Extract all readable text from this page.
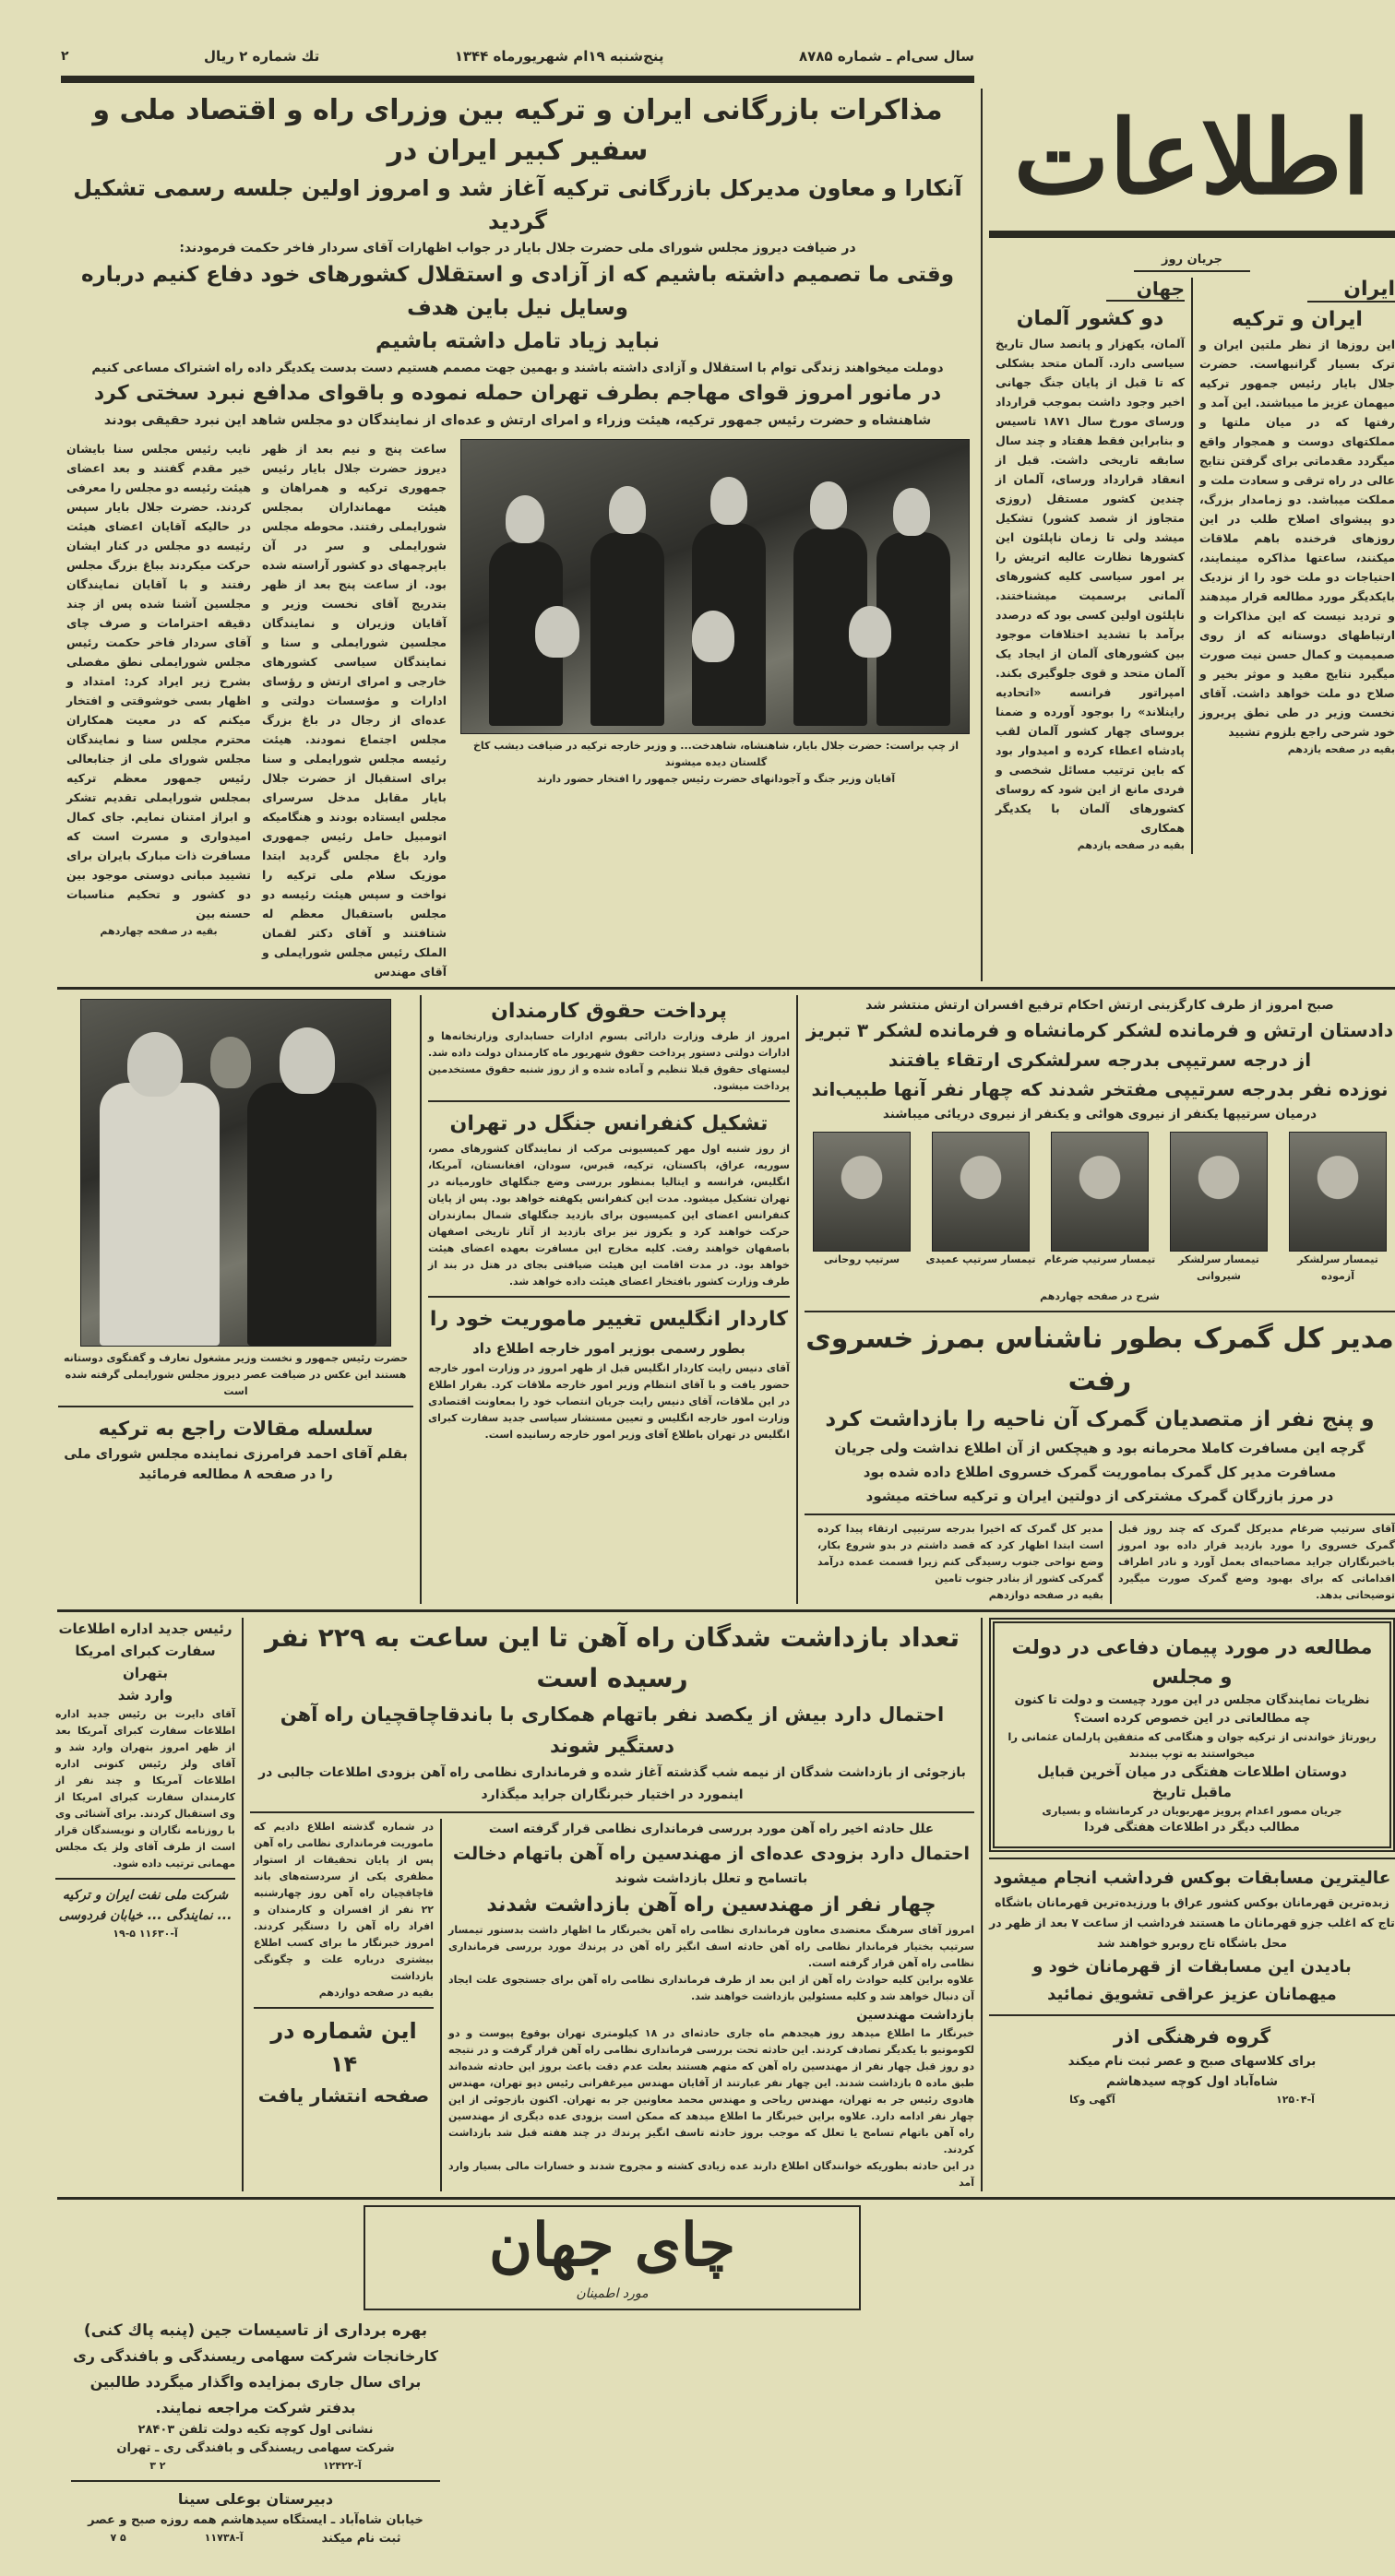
اطلاعات
جریان روز
ایران
ایران و ترکیه
این روزها از نظر ملتین ایران و ترک بسیار گرانبهاست. حضرت جلال بایار رئیس جمهور ترکیه میهمان عزیز ما میباشند. این آمد و رفتها که در میان ملتها و مملکتهای دوست و همجوار واقع میگردد مقدماتی برای گرفتن نتایج عالی در راه ترقی و سعادت ملت و مملکت میباشد. دو زمامدار بزرگ، دو پیشوای اصلاح طلب در این روزهای فرخنده باهم ملاقات میکنند، ساعتها مذاکره مینمایند، احتیاجات دو ملت خود را از نزدیک بایکدیگر مورد مطالعه قرار میدهند و تردید نیست که این مذاکرات و ارتباطهای دوستانه که از روی صمیمیت و کمال حسن نیت صورت میگیرد نتایج مفید و موثر بخیر و صلاح دو ملت خواهد داشت. آقای نخست وزیر در طی نطق پریروز خود شرحی راجع بلزوم تشیید
بقیه در صفحه یازدهم
جهان
دو کشور آلمان
آلمان، یکهزار و پانصد سال تاریخ سیاسی دارد. آلمان متحد بشکلی که تا قبل از پایان جنگ جهانی اخیر وجود داشت بموجب قرارداد ورسای مورخ سال ۱۸۷۱ تاسیس و بنابراین فقط هفتاد و چند سال سابقه تاریخی داشت. قبل از انعقاد قرارداد ورسای، آلمان از چندین کشور مستقل (روزی متجاوز از شصد کشور) تشکیل میشد ولی تا زمان ناپلئون این کشورها نظارت عالیه اتریش را بر امور سیاسی کلیه کشورهای آلمانی برسمیت میشناختند. ناپلئون اولین کسی بود که درصدد برآمد با تشدید اختلافات موجود بین کشورهای آلمان از ایجاد یک آلمان متحد و قوی جلوگیری بکند. امپراتور فرانسه «اتحادیه راینلاند» را بوجود آورده و ضمنا بروسای چهار کشور آلمان لقب پادشاه اعطاء کرده و امیدوار بود که باین ترتیب مسائل شخصی و فردی مانع از این شود که روسای کشورهای آلمان با یکدیگر همکاری
بقیه در صفحه یازدهم
سال سی‌ام ـ شماره ۸۷۸۵
پنج‌شنبه ۱۹ام شهریورماه ۱۳۴۴
تك شماره ۲ ریال
۲
مذاکرات بازرگانی ایران و ترکیه بین وزرای راه و اقتصاد ملی و سفیر کبیر ایران در
آنکارا و معاون مدیرکل بازرگانی ترکیه آغاز شد و امروز اولین جلسه رسمی تشکیل گردید
در ضیافت دیروز مجلس شورای ملی حضرت جلال بایار در جواب اظهارات آقای سردار فاخر حکمت فرمودند:
وقتی ما تصمیم داشته باشیم که از آزادی و استقلال کشورهای خود دفاع کنیم درباره وسایل نیل باین هدف
نباید زیاد تامل داشته باشیم
دوملت میخواهند زندگی توام با استقلال و آزادی داشته باشند و بهمین جهت مصمم هستیم دست بدست یکدیگر داده راه اشتراک مساعی کنیم
در مانور امروز قوای مهاجم بطرف تهران حمله نموده و باقوای مدافع نبرد سختی کرد
شاهنشاه و حضرت رئیس جمهور ترکیه، هیئت وزراء و امرای ارتش و عده‌ای از نمایندگان دو مجلس شاهد این نبرد حقیقی بودند
از چپ براست: حضرت جلال بایار، شاهنشاه، شاهدخت... و وزیر خارجه ترکیه در ضیافت دیشب کاخ گلستان دیده میشوند
آقایان وزیر جنگ و آجودانهای حضرت رئیس جمهور را افتخار حضور دارند
ساعت پنج و نیم بعد از ظهر دیروز حضرت جلال بایار رئیس جمهوری ترکیه و همراهان و هیئت مهمانداران بمجلس شورایملی رفتند. محوطه مجلس شورایملی و سر در آن باپرچمهای دو کشور آراسته شده بود. از ساعت پنج بعد از ظهر بتدریج آقای نخست وزیر و آقایان وزیران و نمایندگان مجلسین شورایملی و سنا و نمایندگان سیاسی کشورهای خارجی و امرای ارتش و رؤسای ادارات و مؤسسات دولتی و عده‌ای از رجال در باغ بزرگ مجلس اجتماع نمودند. هیئت رئیسه مجلس شورایملی و سنا برای استقبال از حضرت جلال بایار مقابل مدخل سرسرای مجلس ایستاده بودند و هنگامیکه اتومبیل حامل رئیس جمهوری وارد باغ مجلس گردید ابتدا موزیک سلام ملی ترکیه را نواخت و سپس هیئت رئیسه دو مجلس باستقبال معظم له شتافتند و آقای دکتر لقمان الملک رئیس مجلس شورایملی و آقای مهندس
نایب رئیس مجلس سنا بایشان خیر مقدم گفتند و بعد اعضای هیئت رئیسه دو مجلس را معرفی کردند. حضرت جلال بایار سپس در حالیکه آقایان اعضای هیئت رئیسه دو مجلس در کنار ایشان حرکت میکردند بباغ بزرگ مجلس رفتند و با آقایان نمایندگان مجلسین آشنا شده پس از چند دقیقه احترامات و صرف چای آقای سردار فاخر حکمت رئیس مجلس شورایملی نطق مفصلی بشرح زیر ایراد کرد: امتداد و اظهار بسی خوشوقتی و افتخار میکنم که در معیت همکاران محترم مجلس سنا و نمایندگان مجلس شورای ملی از جنابعالی رئیس جمهور معظم ترکیه بمجلس شورایملی تقدیم تشکر و ابراز امتنان نمایم. جای کمال امیدواری و مسرت است که مسافرت ذات مبارک بایران برای تشیید مبانی دوستی موجود بین دو کشور و تحکیم مناسبات حسنه بین
بقیه در صفحه چهاردهم
صبح امروز از طرف کارگزینی ارتش احکام ترفیع افسران ارتش منتشر شد
دادستان ارتش و فرمانده لشکر کرمانشاه و فرمانده لشکر ۳ تبریز
از درجه سرتیپی بدرجه سرلشکری ارتقاء یافتند
نوزده نفر بدرجه سرتیپی مفتخر شدند که چهار نفر آنها طبیب‌اند
درمیان سرتیپها یکنفر از نیروی هوائی و یکنفر از نیروی دریائی میباشند
تیمسار سرلشکر آزموده
تیمسار سرلشکر شیروانی
تیمسار سرتیپ ضرغام
تیمسار سرتیپ عمیدی
سرتیپ روحانی
شرح در صفحه چهاردهم
مدیر کل گمرک بطور ناشناس بمرز خسروی رفت
و پنج نفر از متصدیان گمرک آن ناحیه را بازداشت کرد
گرچه این مسافرت کاملا محرمانه بود و هیچکس از آن اطلاع نداشت ولی جریان مسافرت مدیر کل گمرک بماموریت گمرک خسروی اطلاع داده شده بود
در مرز بازرگان گمرک مشترکی از دولتین ایران و ترکیه ساخته میشود
آقای سرتیپ ضرغام مدیرکل گمرک که چند روز قبل گمرک خسروی را مورد بازدید قرار داده بود امروز باخبرنگاران جراید مصاحبه‌ای بعمل آورد و نادر اطراف اقداماتی که برای بهبود وضع گمرک صورت میگیرد توضیحاتی بدهد.
مدیر کل گمرک که اخیرا بدرجه سرتیپی ارتقاء پیدا کرده است ابتدا اظهار کرد که قصد داشتم در بدو شروع بکار، وضع نواحی جنوب رسیدگی کنم زیرا قسمت عمده درآمد گمرکی کشور از بنادر جنوب تامین
بقیه در صفحه دوازدهم
پرداخت حقوق کارمندان
امروز از طرف وزارت دارائی بسوم ادارات حسابداری وزارتخانه‌ها و ادارات دولتی دستور پرداخت حقوق شهریور ماه کارمندان دولت داده شد. لیستهای حقوق قبلا تنظیم و آماده شده و از روز شنبه حقوق مستخدمین پرداخت میشود.
تشکیل کنفرانس جنگل در تهران
از روز شنبه اول مهر کمیسیونی مرکب از نمایندگان کشورهای مصر، سوریه، عراق، پاکستان، ترکیه، قبرس، سودان، افغانستان، آمریکا، انگلیس، فرانسه و ایتالیا بمنظور بررسی وضع جنگلهای خاورمیانه در تهران تشکیل میشود. مدت این کنفرانس یکهفته خواهد بود. پس از پایان کنفرانس اعضای این کمیسیون برای بازدید جنگلهای شمال بمازندران حرکت خواهند کرد و یکروز نیز برای بازدید از آثار تاریخی اصفهان باصفهان خواهند رفت. کلیه مخارج این مسافرت بعهده اعضای هیئت خواهد بود. در مدت اقامت این هیئت ضیافتی بجای در هتل در بند از طرف وزارت کشور بافتخار اعضای هیئت داده خواهد شد.
کاردار انگلیس تغییر ماموریت خود را
بطور رسمی بوزیر امور خارجه اطلاع داد
آقای دنیس رایت کاردار انگلیس قبل از ظهر امروز در وزارت امور خارجه حضور یافت و با آقای انتظام وزیر امور خارجه ملاقات کرد. بقرار اطلاع در این ملاقات، آقای دنیس رایت جریان انتصاب خود را بمعاونت اقتصادی وزارت امور خارجه انگلیس و تعیین مستشار سیاسی جدید سفارت کبرای انگلیس در تهران باطلاع آقای وزیر امور خارجه رسانیده است.
حضرت رئیس جمهور و نخست وزیر مشغول تعارف و گفتگوی دوستانه هستند این عکس در ضیافت عصر دیروز مجلس شورایملی گرفته شده است
سلسله مقالات راجع به ترکیه
بقلم آقای احمد فرامرزی نماینده مجلس شورای ملی را در صفحه ۸ مطالعه فرمائید
مطالعه در مورد پیمان دفاعی در دولت و مجلس
نظریات نمایندگان مجلس در این مورد چیست و دولت تا کنون چه مطالعاتی در این خصوص کرده است؟
رپورتاژ خواندنی از ترکیه جوان و هنگامی که متفقین پارلمان عثمانی را میخواستند به توپ ببندند
دوستان اطلاعات هفتگی در میان آخرین قبایل
ماقبل تاریخ
جریان مصور اعدام پرویز مهربویان در کرمانشاه و بسیاری
مطالب دیگر در اطلاعات هفتگی فردا
عالیترین مسابقات بوکس فرداشب انجام میشود
زبده‌ترین قهرمانان بوکس کشور عراق با ورزیده‌ترین قهرمانان باشگاه تاج که اغلب جزو قهرمانان ما هستند فرداشب از ساعت ۷ بعد از ظهر در محل باشگاه تاج روبرو خواهند شد
بادیدن این مسابقات از قهرمانان خود و
میهمانان عزیز عراقی تشویق نمائید
گروه فرهنگی اذر
برای کلاسهای صبح و عصر ثبت نام میکند
شاه‌آباد اول کوچه سیدهاشم
آ-۱۲۵۰۴
آگهی وکا
تعداد بازداشت شدگان راه آهن تا این ساعت به ۲۲۹ نفر رسیده است
احتمال دارد بیش از یکصد نفر باتهام همکاری با باندقاچاقچیان راه آهن دستگیر شوند
بازجوئی از بازداشت شدگان از نیمه شب گذشته آغاز شده و فرمانداری نظامی راه آهن بزودی اطلاعات جالبی در اینمورد در اختیار خبرنگاران جراید میگذارد
علل حادثه اخیر راه آهن مورد بررسی فرمانداری نظامی قرار گرفته است
احتمال دارد بزودی عده‌ای از مهندسین راه آهن باتهام دخالت
باتسامح و تعلل بازداشت شوند
چهار نفر از مهندسین راه آهن بازداشت شدند
امروز آقای سرهنگ معتضدی معاون فرمانداری نظامی راه آهن بخبرنگار ما اظهار داشت بدستور تیمسار سرتیپ بختیار فرماندار نظامی راه آهن حادثه اسف انگیز راه آهن در پرندك مورد بررسی فرمانداری نظامی راه آهن قرار گرفته است.
علاوه براین کلیه حوادث راه آهن از این بعد از طرف فرمانداری نظامی راه آهن برای جستجوی علت ایجاد آن دنبال خواهد شد و کلیه مسئولین بازداشت خواهند شد.
بازداشت مهندسین
خبرنگار ما اطلاع میدهد روز هیجدهم ماه جاری حادثه‌ای در ۱۸ کیلومتری تهران بوقوع پیوست و دو لکوموتیو با یکدیگر تصادف کردند. این حادثه تحت بررسی فرمانداری نظامی راه آهن قرار گرفت و در نتیجه دو روز قبل چهار نفر از مهندسین راه آهن که متهم هستند بعلت عدم دقت باعث بروز این حادثه شده‌اند طبق ماده ۵ بازداشت شدند. این چهار نفر عبارتند از آقایان مهندس میرغفرانی رئیس دپو تهران، مهندس هادوی رئیس جر به تهران، مهندس ریاحی و مهندس محمد معاونین جر به تهران. اکنون بازجوئی از این چهار نفر ادامه دارد. علاوه براین خبرنگار ما اطلاع میدهد که ممکن است بزودی عده دیگری از مهندسین راه آهن باتهام تسامح یا تعلل که موجب بروز حادثه تاسف انگیز پرندك در چند هفته قبل شد بازداشت کردند.
در این حادثه بطوریکه خوانندگان اطلاع دارند عده زیادی کشته و مجروح شدند و خسارات مالی بسیار وارد آمد
در شماره گذشته اطلاع دادیم که ماموریت فرمانداری نظامی راه آهن پس از پایان تحقیقات از استوار مظفری یکی از سردسته‌های باند قاچاقچیان راه آهن روز چهارشنبه ۲۲ نفر از افسران و کارمندان و افراد راه آهن را دستگیر کردند. امروز خبرنگار ما برای کسب اطلاع بیشتری درباره علت و چگونگی بازداشت
بقیه در صفحه دوازدهم
این شماره در ۱۴
صفحه انتشار یافت
رئیس جدید اداره اطلاعات
سفارت کبرای امریکا بتهران
وارد شد
آقای دایرت بن رئیس جدید اداره اطلاعات سفارت کبرای آمریکا بعد از ظهر امروز بتهران وارد شد و آقای ولز رئیس کنونی اداره اطلاعات آمریکا و چند نفر از کارمندان سفارت کبرای امریکا از وی استقبال کردند. برای آشنائی وی با روزنامه نگاران و نویسندگان قرار است از طرف آقای ولز یک مجلس مهمانی ترتیب داده شود.
شرکت ملی نفت ایران و ترکیه ... نمایندگی ... خیابان فردوسی
آ-۱۱۶۳۰ ۵-۱۹
چای جهان
مورد اطمینان
بهره برداری از تاسیسات جین (پنبه پاك كنی)
کارخانجات شرکت سهامی ریسندگی و بافندگی ری برای سال جاری بمزایده واگذار میگردد طالبین بدفتر شرکت مراجعه نمایند.
نشانی اول کوچه تکیه دولت تلفن ۲۸۴۰۳
شرکت سهامی ریسندگی و بافندگی ری ـ تهران
آ-۱۲۴۲۲
۲ ۳
دبیرستان بوعلی سینا
خیابان شاه‌آباد ـ ایستگاه سیدهاشم همه روزه صبح و عصر
ثبت نام میکند
آ-۱۱۷۳۸
۵ ۷
